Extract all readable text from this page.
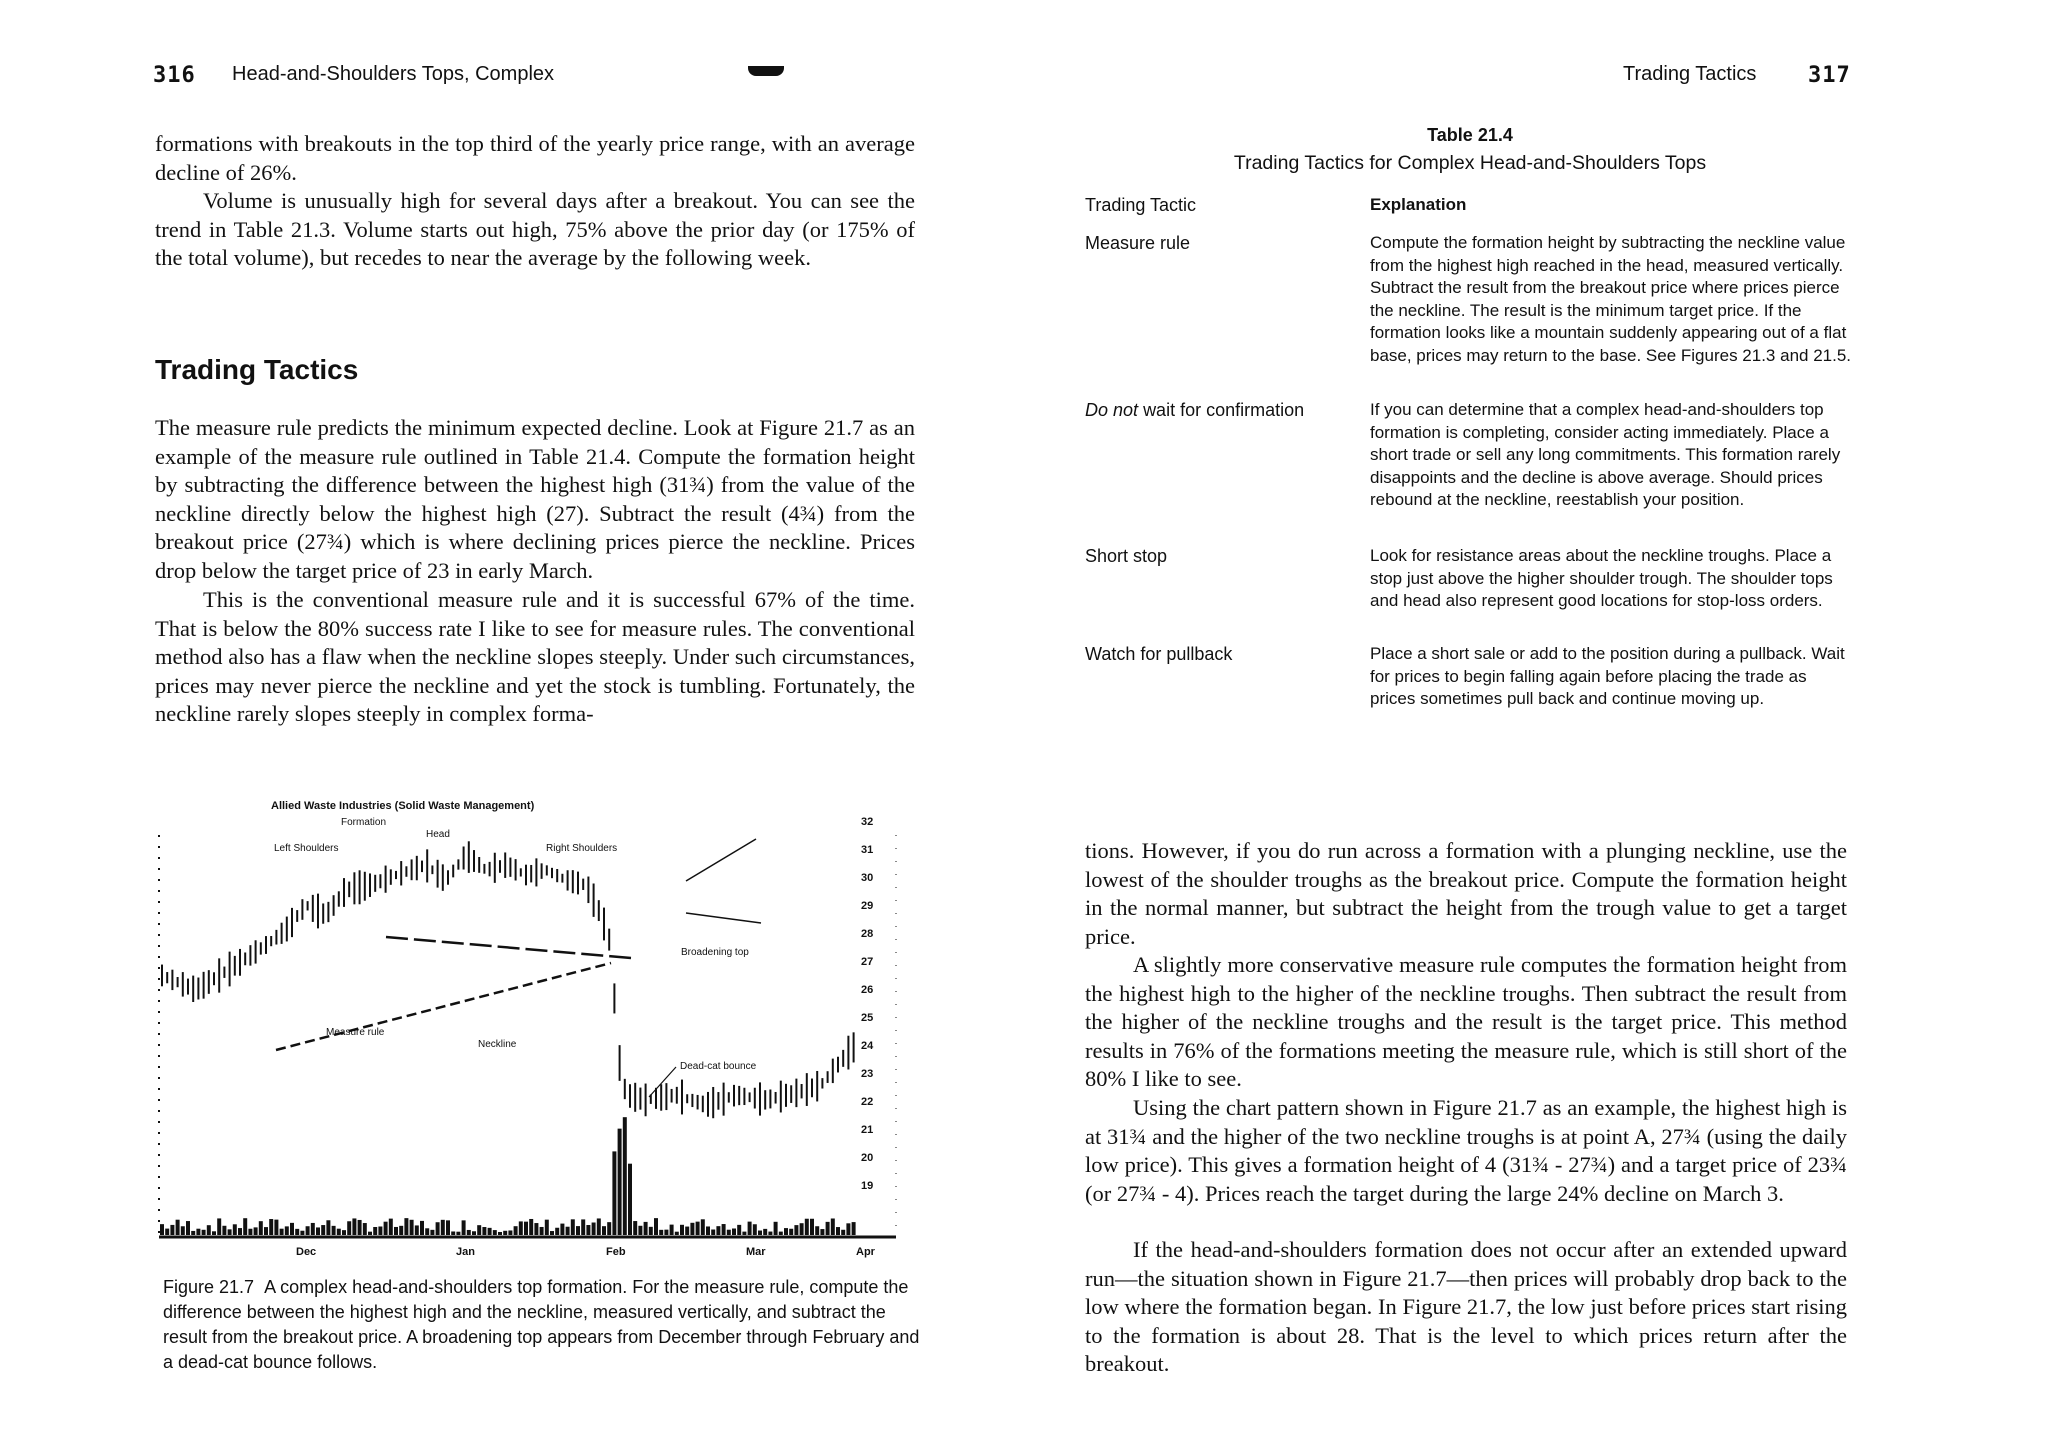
316 Head-and-Shoulders Tops, Complex

formations with breakouts in the top third of the yearly price range, with an average decline of 26%.

Volume is unusually high for several days after a breakout. You can see the trend in Table 21.3. Volume starts out high, 75% above the prior day (or 175% of the total volume), but recedes to near the average by the following week.

Trading Tactics

The measure rule predicts the minimum expected decline. Look at Figure 21.7 as an example of the measure rule outlined in Table 21.4. Compute the formation height by subtracting the difference between the highest high (31¾) from the value of the neckline directly below the highest high (27). Subtract the result (4¾) from the breakout price (27¾) which is where declining prices pierce the neckline. Prices drop below the target price of 23 in early March.

This is the conventional measure rule and it is successful 67% of the time. That is below the 80% success rate I like to see for measure rules. The conventional method also has a flaw when the neckline slopes steeply. Under such circumstances, prices may never pierce the neckline and yet the stock is tumbling. Fortunately, the neckline rarely slopes steeply in complex forma-

Allied Waste Industries (Solid Waste Management)
Left Shoulders
Head
Right Shoulders
Measure rule
Broadening top
Neckline
Dead-cat bounce
Formation	32
31
30
29
28
27
26
25
24
23
22
21
20
19
Dec	Jan	Feb	Mar	Apr
Figure 21.7 A complex head-and-shoulders top formation. For the measure rule, compute the difference between the highest high and the neckline, measured vertically, and subtract the result from the breakout price. A broadening top appears from December through February and a dead-cat bounce follows.
Trading Tactics 317
Table 21.4
Trading Tactics for Complex Head-and-Shoulders Tops
Trading Tactic	Explanation
Measure rule	Compute the formation height by subtracting the neckline value from the highest high reached in the head, measured vertically. Subtract the result from the breakout price where prices pierce the neckline. The result is the minimum target price. If the formation looks like a mountain suddenly appearing out of a flat base, prices may return to the base. See Figures 21.3 and 21.5.
Do not wait for confirmation	If you can determine that a complex head-and-shoulders top formation is completing, consider acting immediately. Place a short trade or sell any long commitments. This formation rarely disappoints and the decline is above average. Should prices rebound at the neckline, reestablish your position.
Short stop	Look for resistance areas about the neckline troughs. Place a stop just above the higher shoulder trough. The shoulder tops and head also represent good locations for stop-loss orders.
Watch for pullback	Place a short sale or add to the position during a pullback. Wait for prices to begin falling again before placing the trade as prices sometimes pull back and continue moving up.

tions. However, if you do run across a formation with a plunging neckline, use the lowest of the shoulder troughs as the breakout price. Compute the formation height in the normal manner, but subtract the height from the trough value to get a target price.

A slightly more conservative measure rule computes the formation height from the highest high to the higher of the neckline troughs. Then subtract the result from the higher of the neckline troughs and the result is the target price. This method results in 76% of the formations meeting the measure rule, which is still short of the 80% I like to see.

Using the chart pattern shown in Figure 21.7 as an example, the highest high is at 31¾ and the higher of the two neckline troughs is at point A, 27¾ (using the daily low price). This gives a formation height of 4 (31¾ - 27¾) and a target price of 23¾ (or 27¾ - 4). Prices reach the target during the large 24% decline on March 3.

If the head-and-shoulders formation does not occur after an extended upward run—the situation shown in Figure 21.7—then prices will probably drop back to the low where the formation began. In Figure 21.7, the low just before prices start rising to the formation is about 28. That is the level to which prices return after the breakout.
